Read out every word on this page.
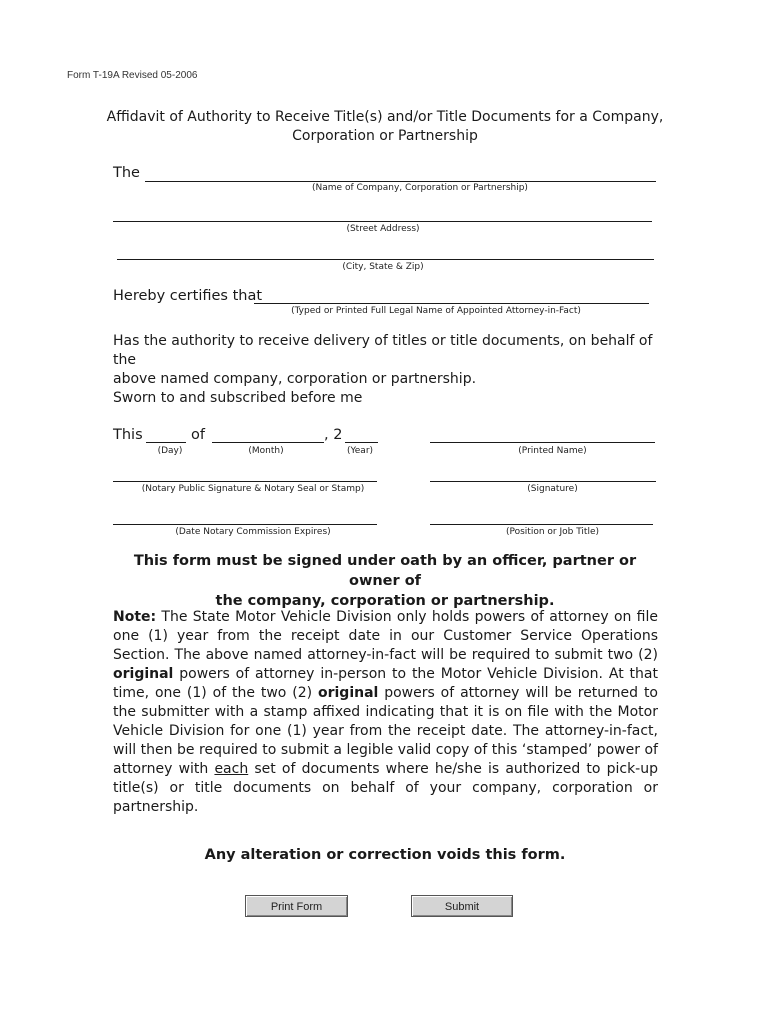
Form T-19A Revised 05-2006
Affidavit of Authority to Receive Title(s) and/or Title Documents for a Company,
Corporation or Partnership
The
(Name of Company, Corporation or Partnership)
(Street Address)
(City, State & Zip)
Hereby certifies that
(Typed or Printed Full Legal Name of Appointed Attorney-in-Fact)
Has the authority to receive delivery of titles or title documents, on behalf of the
above named company, corporation or partnership.
Sworn to and subscribed before me
This	of	, 2
(Day)	(Month)	(Year)	(Printed Name)
(Notary Public Signature & Notary Seal or Stamp)	(Signature)
(Date Notary Commission Expires)	(Position or Job Title)
This form must be signed under oath by an officer, partner or owner of
the company, corporation or partnership.
Note: The State Motor Vehicle Division only holds powers of attorney on file one (1) year from the receipt date in our Customer Service Operations Section. The above named attorney-in-fact will be required to submit two (2) original powers of attorney in-person to the Motor Vehicle Division. At that time, one (1) of the two (2) original powers of attorney will be returned to the submitter with a stamp affixed indicating that it is on file with the Motor Vehicle Division for one (1) year from the receipt date. The attorney-in-fact, will then be required to submit a legible valid copy of this ‘stamped’ power of attorney with each set of documents where he/she is authorized to pick-up title(s) or title documents on behalf of your company, corporation or partnership.
Any alteration or correction voids this form.
Print Form	Submit
